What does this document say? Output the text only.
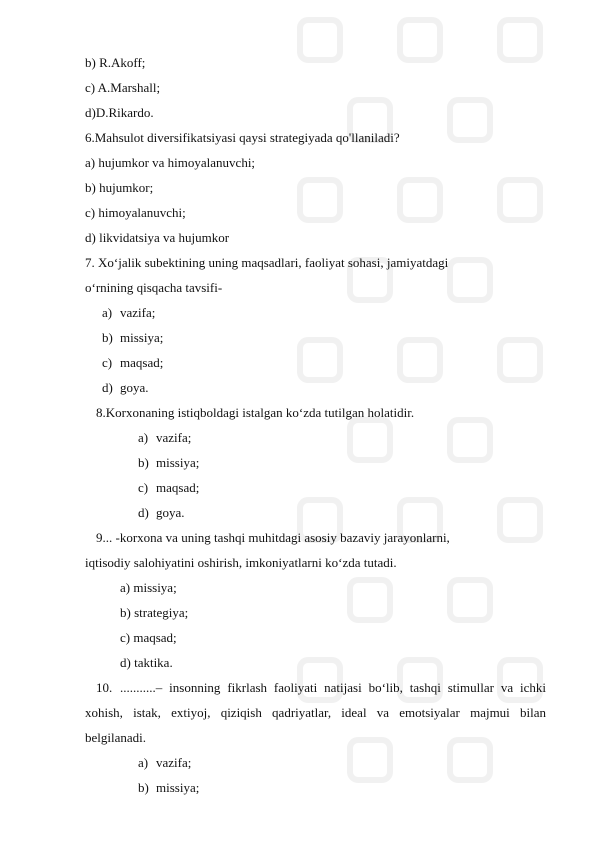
b) R.Akoff;
c) A.Marshall;
d)D.Rikardo.
6.Mahsulot diversifikatsiyasi qaysi strategiyada qo'llaniladi?
a) hujumkor va himoyalanuvchi;
b) hujumkor;
c) himoyalanuvchi;
d) likvidatsiya va hujumkor
7. Xo‘jalik subektining uning maqsadlari, faoliyat sohasi, jamiyatdagi
o‘rnining qisqacha tavsifi-
a) vazifa;
b) missiya;
c) maqsad;
d) goya.
8.Korxonaning istiqboldagi istalgan ko‘zda tutilgan holatidir.
a) vazifa;
b) missiya;
c) maqsad;
d) goya.
9... -korxona va uning tashqi muhitdagi asosiy bazaviy jarayonlarni,
iqtisodiy salohiyatini oshirish, imkoniyatlarni ko‘zda tutadi.
a) missiya;
b) strategiya;
c) maqsad;
d) taktika.
10. ...........– insonning fikrlash faoliyati natijasi bo‘lib, tashqi stimullar va ichki
xohish, istak, extiyoj, qiziqish qadriyatlar, ideal va emotsiyalar majmui bilan
belgilanadi.
a) vazifa;
b) missiya;
